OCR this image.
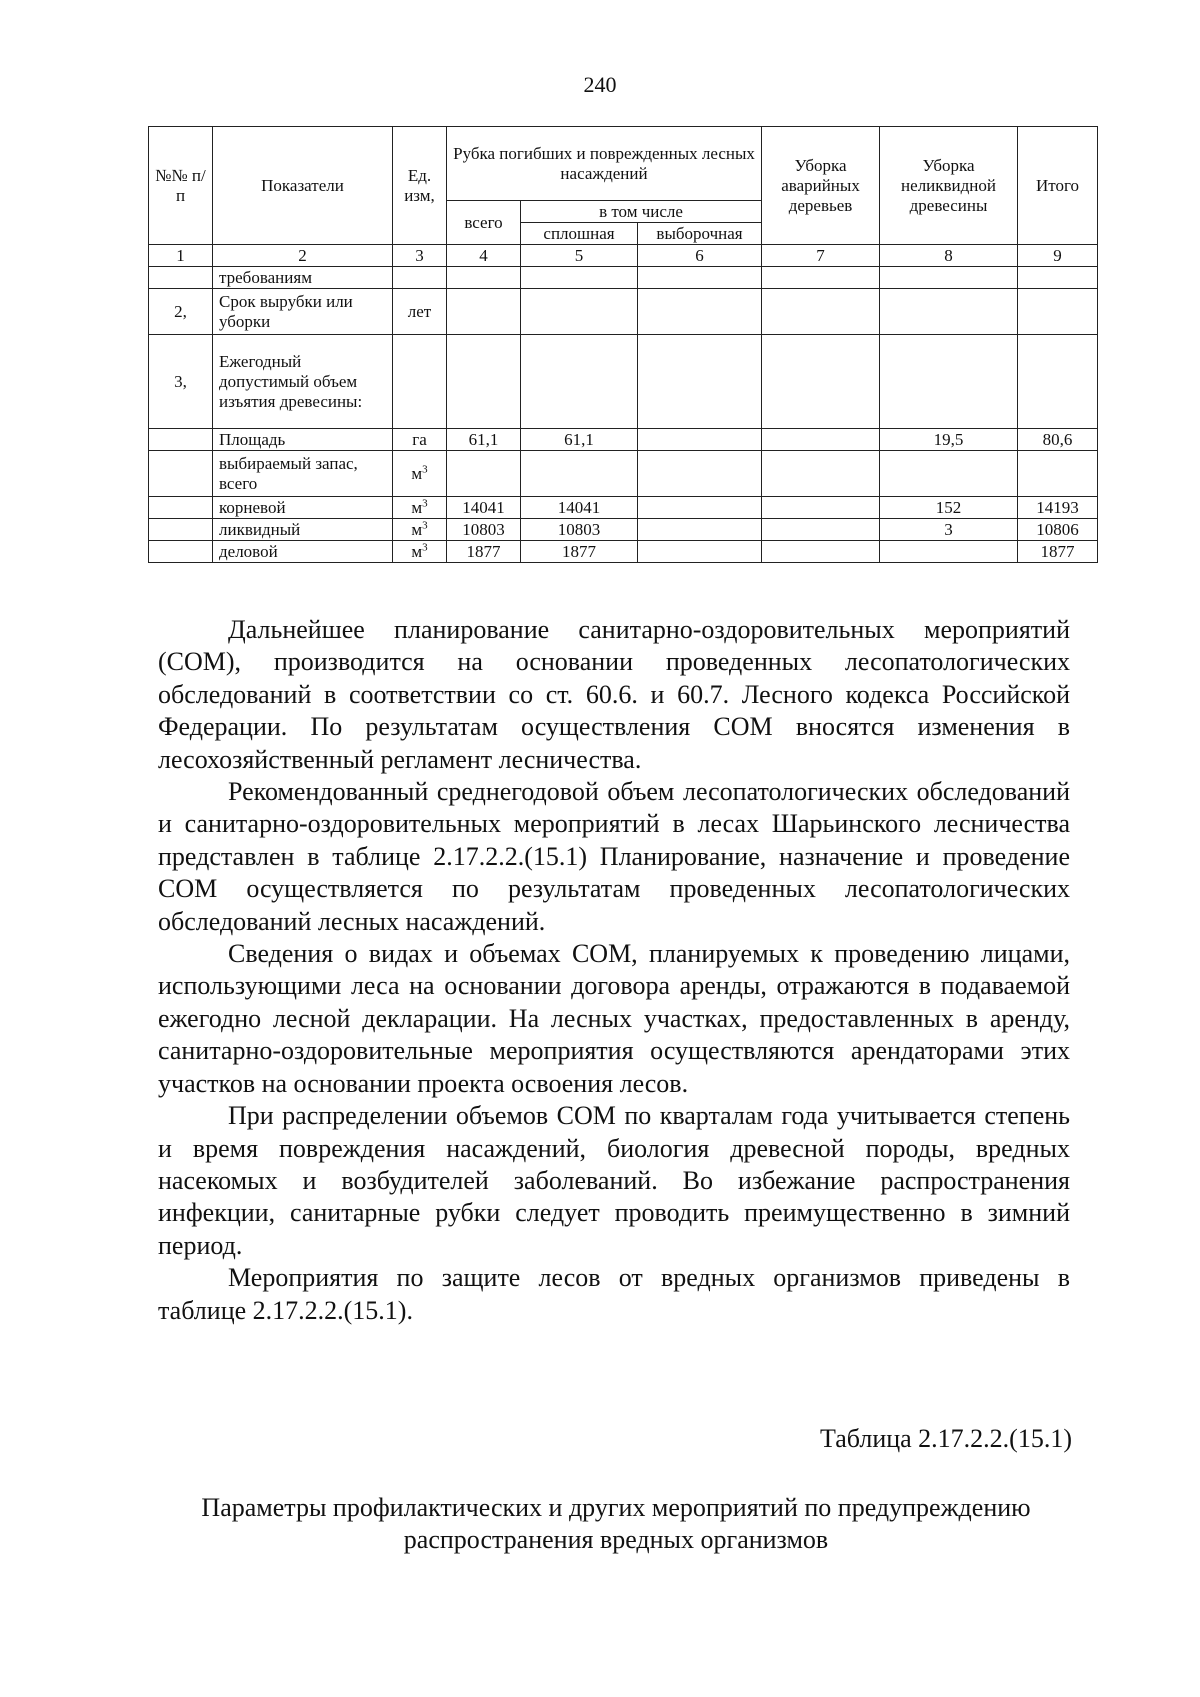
240
№№ п/п	Показатели	Ед. изм,	Рубка погибших и поврежденных лесных насаждений			Уборка аварийных деревьев	Уборка неликвидной древесины	Итого
			всего	в том числе				
				сплошная	выборочная			
1	2	3	4	5	6	7	8	9
	требованиям							
2,	Срок вырубки или уборки	лет						
3,	Ежегодный допустимый объем изъятия древесины:							
	Площадь	га	61,1	61,1			19,5	80,6
	выбираемый запас, всего	$м^3$						
	корневой	$м^3$	14041	14041			152	14193
	ликвидный	$м^3$	10803	10803			3	10806
	деловой	$м^3$	1877	1877				1877

Дальнейшее планирование санитарно-оздоровительных мероприятий (СОМ), производится на основании проведенных лесопатологических обследований в соответствии со ст. 60.6. и 60.7. Лесного кодекса Российской Федерации. По результатам осуществления СОМ вносятся изменения в лесохозяйственный регламент лесничества.

Рекомендованный среднегодовой объем лесопатологических обследований и санитарно-оздоровительных мероприятий в лесах Шарьинского лесничества представлен в таблице 2.17.2.2.(15.1) Планирование, назначение и проведение СОМ осуществляется по результатам проведенных лесопатологических обследований лесных насаждений.

Сведения о видах и объемах СОМ, планируемых к проведению лицами, использующими леса на основании договора аренды, отражаются в подаваемой ежегодно лесной декларации. На лесных участках, предоставленных в аренду, санитарно-оздоровительные мероприятия осуществляются арендаторами этих участков на основании проекта освоения лесов.

При распределении объемов СОМ по кварталам года учитывается степень и время повреждения насаждений, биология древесной породы, вредных насекомых и возбудителей заболеваний. Во избежание распространения инфекции, санитарные рубки следует проводить преимущественно в зимний период.

Мероприятия по защите лесов от вредных организмов приведены в таблице 2.17.2.2.(15.1).

Таблица 2.17.2.2.(15.1)
Параметры профилактических и других мероприятий по предупреждению
распространения вредных организмов
